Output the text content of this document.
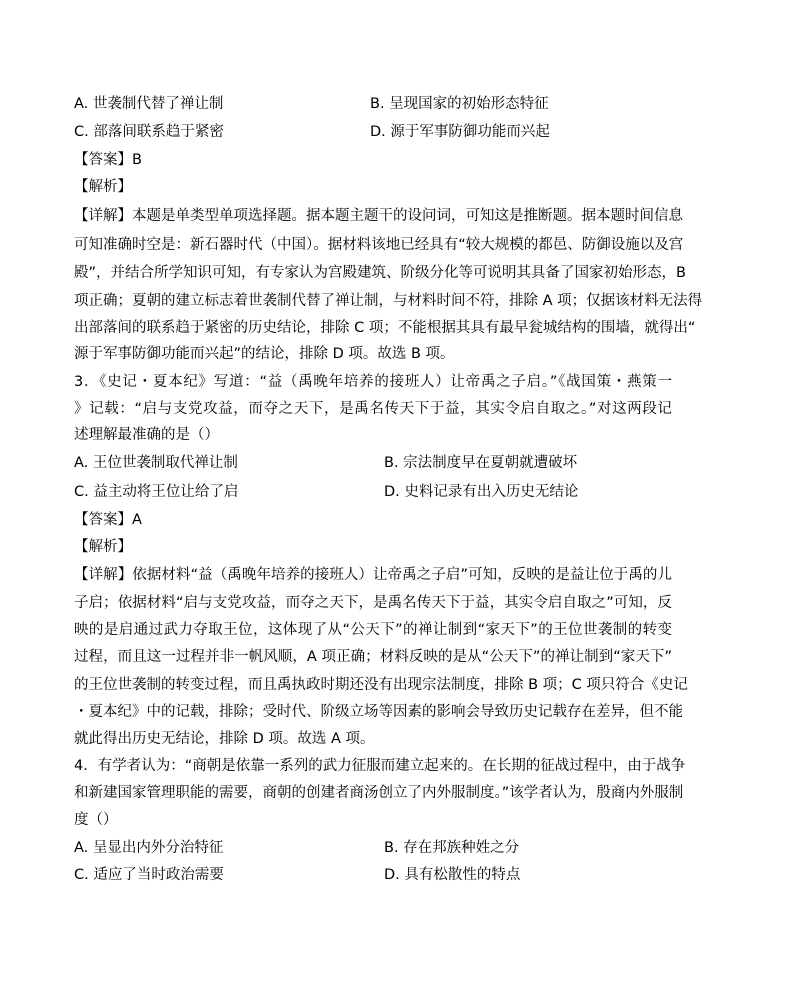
A. 世袭制代替了禅让制	B. 呈现国家的初始形态特征
C. 部落间联系趋于紧密	D. 源于军事防御功能而兴起
【答案】B
【解析】
【详解】本题是单类型单项选择题。据本题主题干的设问词，可知这是推断题。据本题时间信息
可知准确时空是：新石器时代（中国）。据材料该地已经具有“较大规模的都邑、防御设施以及宫
殿”，并结合所学知识可知，有专家认为宫殿建筑、阶级分化等可说明其具备了国家初始形态，B
项正确；夏朝的建立标志着世袭制代替了禅让制，与材料时间不符，排除 A 项；仅据该材料无法得
出部落间的联系趋于紧密的历史结论，排除 C 项；不能根据其具有最早瓮城结构的围墙，就得出“
源于军事防御功能而兴起”的结论，排除 D 项。故选 B 项。
3．《史记・夏本纪》写道：“益（禹晚年培养的接班人）让帝禹之子启。”《战国策・燕策一
》记载：“启与支党攻益，而夺之天下，是禹名传天下于益，其实令启自取之。”对这两段记
述理解最准确的是（）
A. 王位世袭制取代禅让制	B. 宗法制度早在夏朝就遭破坏
C. 益主动将王位让给了启	D. 史料记录有出入历史无结论
【答案】A
【解析】
【详解】依据材料“益（禹晚年培养的接班人）让帝禹之子启”可知，反映的是益让位于禹的儿
子启；依据材料“启与支党攻益，而夺之天下，是禹名传天下于益，其实令启自取之”可知，反
映的是启通过武力夺取王位，这体现了从“公天下”的禅让制到“家天下”的王位世袭制的转变
过程，而且这一过程并非一帆风顺，A 项正确；材料反映的是从“公天下”的禅让制到“家天下”
的王位世袭制的转变过程，而且禹执政时期还没有出现宗法制度，排除 B 项；C 项只符合《史记
・夏本纪》中的记载，排除；受时代、阶级立场等因素的影响会导致历史记载存在差异，但不能
就此得出历史无结论，排除 D 项。故选 A 项。
4．有学者认为：“商朝是依靠一系列的武力征服而建立起来的。在长期的征战过程中，由于战争
和新建国家管理职能的需要，商朝的创建者商汤创立了内外服制度。”该学者认为，殷商内外服制
度（）
A. 呈显出内外分治特征	B. 存在邦族种姓之分
C. 适应了当时政治需要	D. 具有松散性的特点
